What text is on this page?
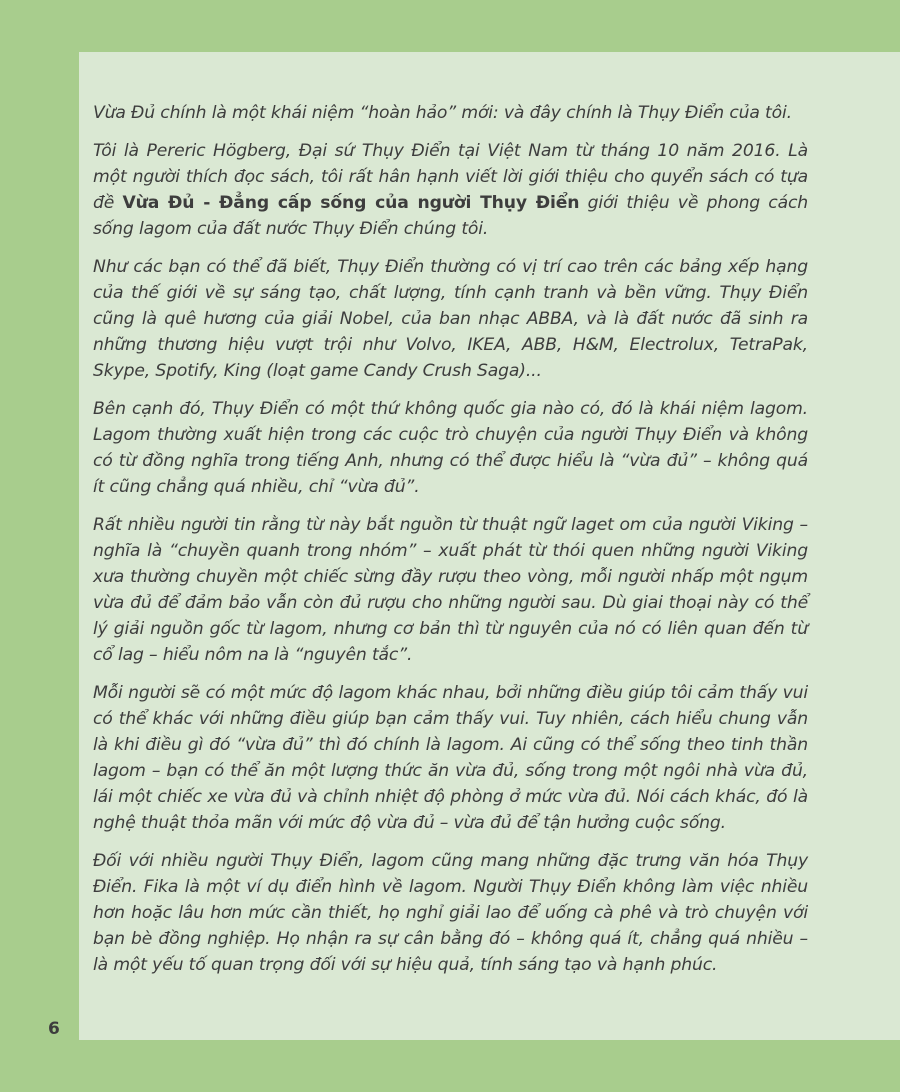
Vừa Đủ chính là một khái niệm “hoàn hảo” mới: và đây chính là Thụy Điển của tôi.

Tôi là Pereric Högberg, Đại sứ Thụy Điển tại Việt Nam từ tháng 10 năm 2016. Là một người thích đọc sách, tôi rất hân hạnh viết lời giới thiệu cho quyển sách có tựa đề Vừa Đủ - Đẳng cấp sống của người Thụy Điển giới thiệu về phong cách sống lagom của đất nước Thụy Điển chúng tôi.

Như các bạn có thể đã biết, Thụy Điển thường có vị trí cao trên các bảng xếp hạng của thế giới về sự sáng tạo, chất lượng, tính cạnh tranh và bền vững. Thụy Điển cũng là quê hương của giải Nobel, của ban nhạc ABBA, và là đất nước đã sinh ra những thương hiệu vượt trội như Volvo, IKEA, ABB, H&M, Electrolux, TetraPak, Skype, Spotify, King (loạt game Candy Crush Saga)...

Bên cạnh đó, Thụy Điển có một thứ không quốc gia nào có, đó là khái niệm lagom. Lagom thường xuất hiện trong các cuộc trò chuyện của người Thụy Điển và không có từ đồng nghĩa trong tiếng Anh, nhưng có thể được hiểu là “vừa đủ” – không quá ít cũng chẳng quá nhiều, chỉ “vừa đủ”.

Rất nhiều người tin rằng từ này bắt nguồn từ thuật ngữ laget om của người Viking – nghĩa là “chuyền quanh trong nhóm” – xuất phát từ thói quen những người Viking xưa thường chuyền một chiếc sừng đầy rượu theo vòng, mỗi người nhấp một ngụm vừa đủ để đảm bảo vẫn còn đủ rượu cho những người sau. Dù giai thoại này có thể lý giải nguồn gốc từ lagom, nhưng cơ bản thì từ nguyên của nó có liên quan đến từ cổ lag – hiểu nôm na là “nguyên tắc”.

Mỗi người sẽ có một mức độ lagom khác nhau, bởi những điều giúp tôi cảm thấy vui có thể khác với những điều giúp bạn cảm thấy vui. Tuy nhiên, cách hiểu chung vẫn là khi điều gì đó “vừa đủ” thì đó chính là lagom. Ai cũng có thể sống theo tinh thần lagom – bạn có thể ăn một lượng thức ăn vừa đủ, sống trong một ngôi nhà vừa đủ, lái một chiếc xe vừa đủ và chỉnh nhiệt độ phòng ở mức vừa đủ. Nói cách khác, đó là nghệ thuật thỏa mãn với mức độ vừa đủ – vừa đủ để tận hưởng cuộc sống.

Đối với nhiều người Thụy Điển, lagom cũng mang những đặc trưng văn hóa Thụy Điển. Fika là một ví dụ điển hình về lagom. Người Thụy Điển không làm việc nhiều hơn hoặc lâu hơn mức cần thiết, họ nghỉ giải lao để uống cà phê và trò chuyện với bạn bè đồng nghiệp. Họ nhận ra sự cân bằng đó – không quá ít, chẳng quá nhiều – là một yếu tố quan trọng đối với sự hiệu quả, tính sáng tạo và hạnh phúc.

6
